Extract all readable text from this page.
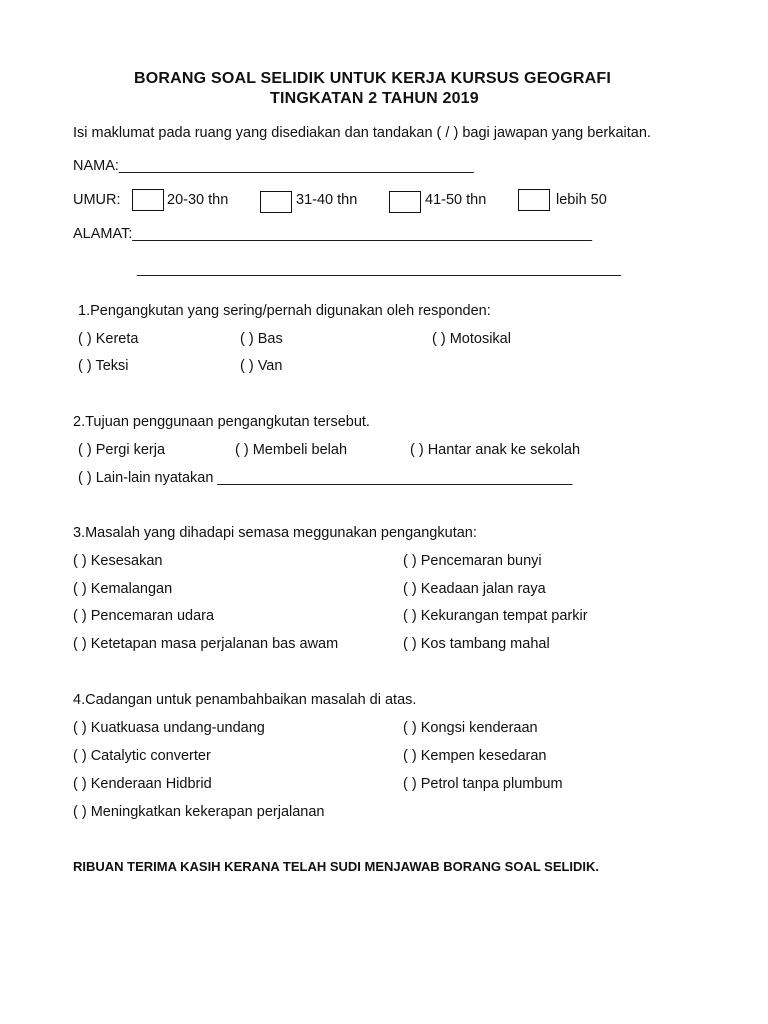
BORANG SOAL SELIDIK UNTUK KERJA KURSUS GEOGRAFI
TINGKATAN 2 TAHUN 2019
Isi maklumat pada ruang yang disediakan dan tandakan ( / ) bagi jawapan yang berkaitan.
NAMA:____________________________________________
UMUR:	20-30 thn	31-40 thn	41-50 thn	lebih 50
ALAMAT:_________________________________________________________
____________________________________________________________
1.Pengangkutan yang sering/pernah digunakan oleh responden:
( ) Kereta	( ) Bas	( ) Motosikal
( ) Teksi	( ) Van
2.Tujuan penggunaan pengangkutan tersebut.
( ) Pergi kerja	( ) Membeli belah	( ) Hantar anak ke sekolah
( ) Lain-lain nyatakan ____________________________________________
3.Masalah yang dihadapi semasa meggunakan pengangkutan:
( ) Kesesakan	( ) Pencemaran bunyi
( ) Kemalangan	( ) Keadaan jalan raya
( ) Pencemaran udara	( ) Kekurangan tempat parkir
( ) Ketetapan masa perjalanan bas awam	( ) Kos tambang mahal
4.Cadangan untuk penambahbaikan masalah di atas.
( ) Kuatkuasa undang-undang	( ) Kongsi kenderaan
( ) Catalytic converter	( ) Kempen kesedaran
( ) Kenderaan Hidbrid	( ) Petrol tanpa plumbum
( ) Meningkatkan kekerapan perjalanan
RIBUAN TERIMA KASIH KERANA TELAH SUDI MENJAWAB BORANG SOAL SELIDIK.
